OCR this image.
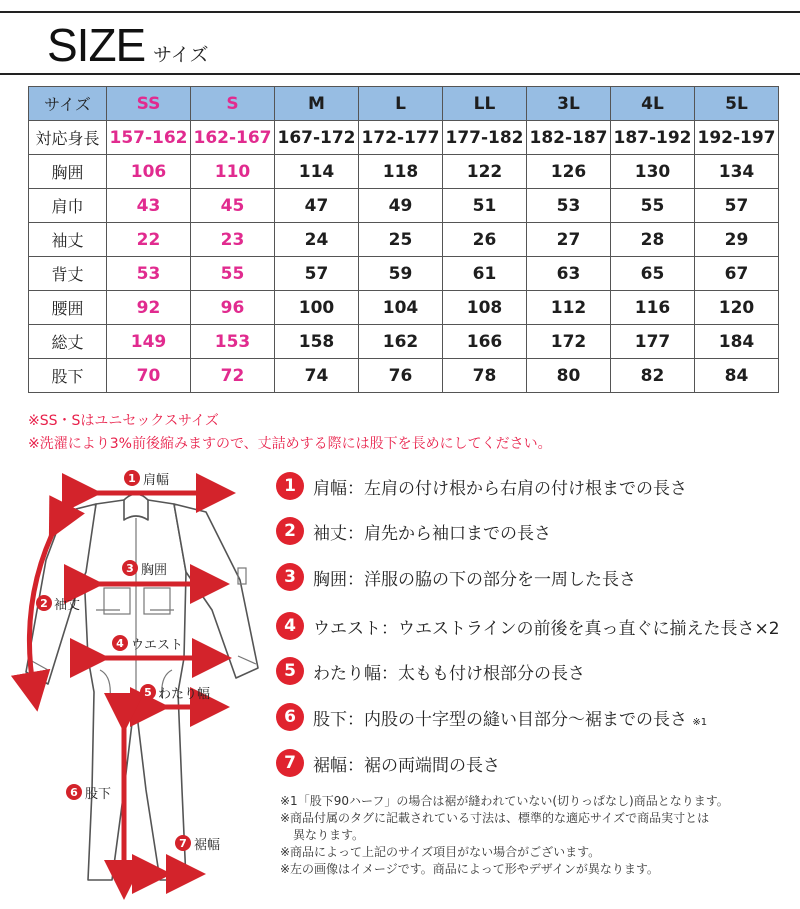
SIZE サイズ
サイズ	SS	S	M	L	LL	3L	4L	5L
対応身長	157-162	162-167	167-172	172-177	177-182	182-187	187-192	192-197
胸囲	106	110	114	118	122	126	130	134
肩巾	43	45	47	49	51	53	55	57
袖丈	22	23	24	25	26	27	28	29
背丈	53	55	57	59	61	63	65	67
腰囲	92	96	100	104	108	112	116	120
総丈	149	153	158	162	166	172	177	184
股下	70	72	74	76	78	80	82	84
※SS・Sはユニセックスサイズ
※洗濯により3%前後縮みますので、丈詰めする際には股下を長めにしてください。
1 肩幅
2 袖丈
3 胸囲
4 ウエスト
5 わたり幅
6 股下
7 裾幅
1	肩幅：左肩の付け根から右肩の付け根までの長さ
2	袖丈：肩先から袖口までの長さ
3	胸囲：洋服の脇の下の部分を一周した長さ
4	ウエスト：ウエストラインの前後を真っ直ぐに揃えた長さ×2
5	わたり幅：太もも付け根部分の長さ
6	股下：内股の十字型の縫い目部分～裾までの長さ ※1
7	裾幅：裾の両端間の長さ
※1「股下90ハーフ」の場合は裾が縫われていない(切りっぱなし)商品となります。
※商品付属のタグに記載されている寸法は、標準的な適応サイズで商品実寸とは
異なります。
※商品によって上記のサイズ項目がない場合がございます。
※左の画像はイメージです。商品によって形やデザインが異なります。
